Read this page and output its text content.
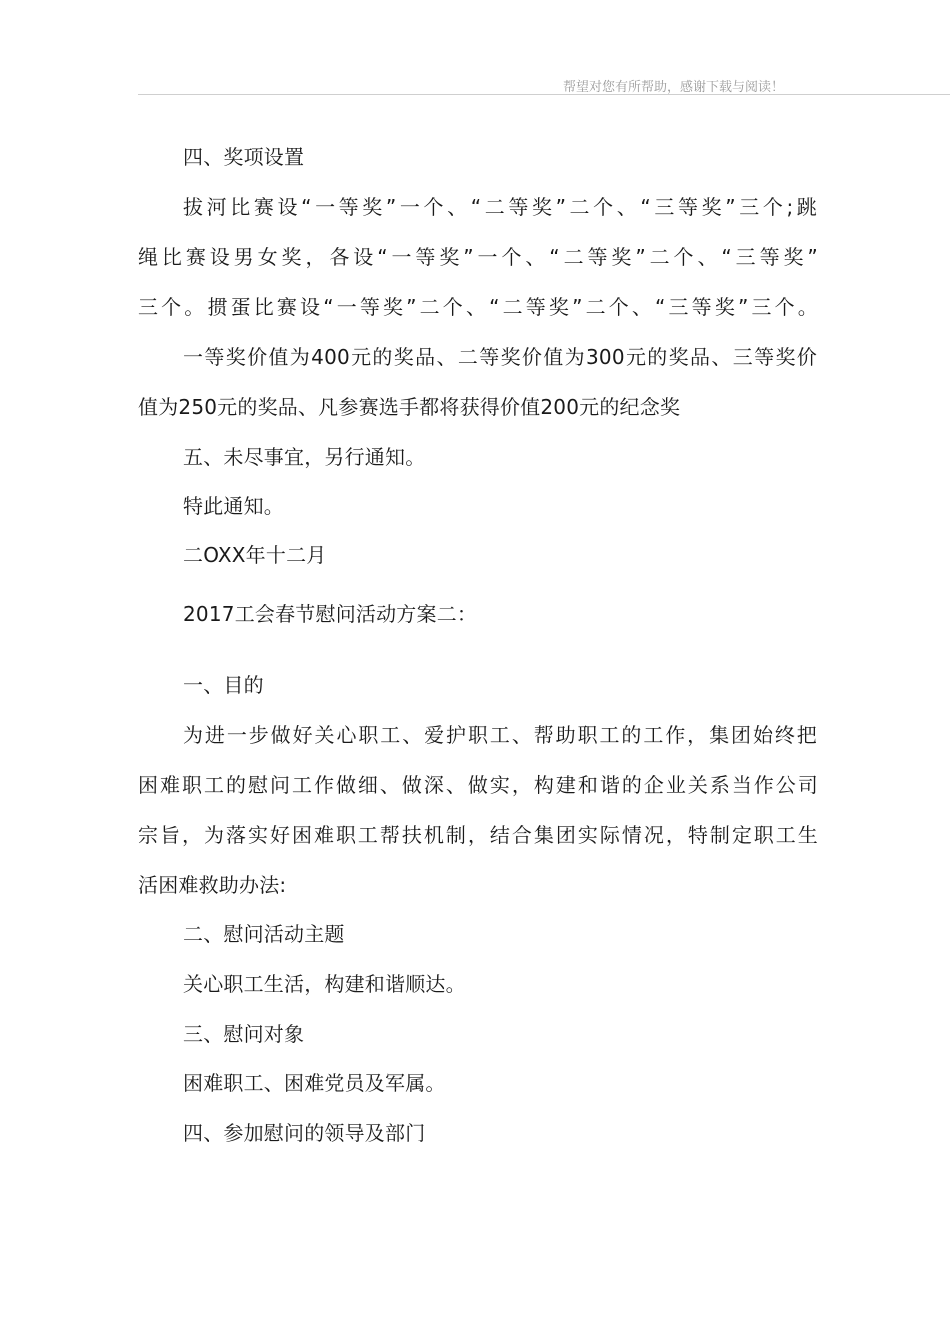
帮望对您有所帮助，感谢下载与阅读！
四、奖项设置
拔河比赛设“一等奖”一个、“二等奖”二个、“三等奖”三个;跳
绳比赛设男女奖，各设“一等奖”一个、“二等奖”二个、“三等奖”
三个。掼蛋比赛设“一等奖”二个、“二等奖”二个、“三等奖”三个。
一等奖价值为400元的奖品、二等奖价值为300元的奖品、三等奖价
值为250元的奖品、凡参赛选手都将获得价值200元的纪念奖
五、未尽事宜，另行通知。
特此通知。
二OXX年十二月
2017工会春节慰问活动方案二：
一、目的
为进一步做好关心职工、爱护职工、帮助职工的工作，集团始终把
困难职工的慰问工作做细、做深、做实，构建和谐的企业关系当作公司
宗旨，为落实好困难职工帮扶机制，结合集团实际情况，特制定职工生
活困难救助办法:
二、慰问活动主题
关心职工生活，构建和谐顺达。
三、慰问对象
困难职工、困难党员及军属。
四、参加慰问的领导及部门
